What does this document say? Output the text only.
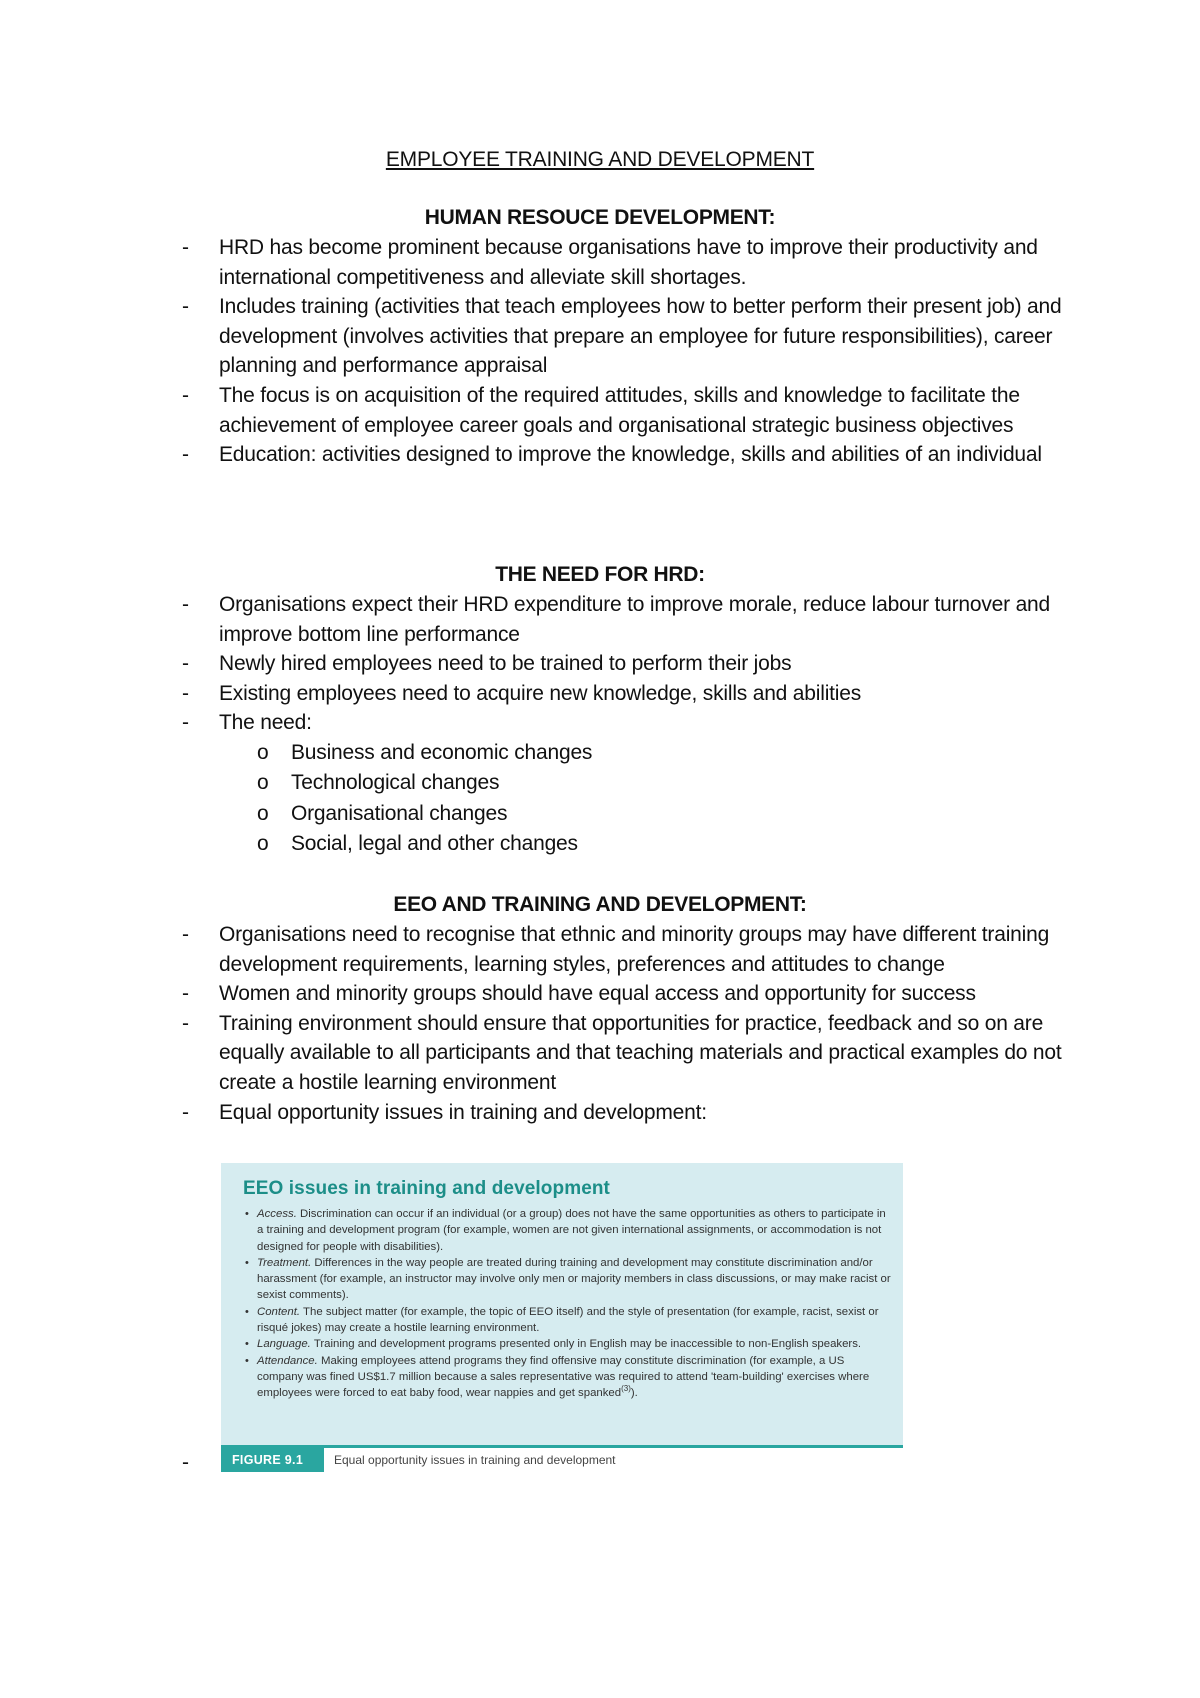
EMPLOYEE TRAINING AND DEVELOPMENT
HUMAN RESOUCE DEVELOPMENT:
- HRD has become prominent because organisations have to improve their productivity and international competitiveness and alleviate skill shortages.
- Includes training (activities that teach employees how to better perform their present job) and development (involves activities that prepare an employee for future responsibilities), career planning and performance appraisal
- The focus is on acquisition of the required attitudes, skills and knowledge to facilitate the achievement of employee career goals and organisational strategic business objectives
- Education: activities designed to improve the knowledge, skills and abilities of an individual
THE NEED FOR HRD:
- Organisations expect their HRD expenditure to improve morale, reduce labour turnover and improve bottom line performance
- Newly hired employees need to be trained to perform their jobs
- Existing employees need to acquire new knowledge, skills and abilities
- The need:
o Business and economic changes
o Technological changes
o Organisational changes
o Social, legal and other changes
EEO AND TRAINING AND DEVELOPMENT:
- Organisations need to recognise that ethnic and minority groups may have different training development requirements, learning styles, preferences and attitudes to change
- Women and minority groups should have equal access and opportunity for success
- Training environment should ensure that opportunities for practice, feedback and so on are equally available to all participants and that teaching materials and practical examples do not create a hostile learning environment
- Equal opportunity issues in training and development:
EEO issues in training and development
• Access. Discrimination can occur if an individual (or a group) does not have the same opportunities as others to participate in a training and development program (for example, women are not given international assignments, or accommodation is not designed for people with disabilities).
• Treatment. Differences in the way people are treated during training and development may constitute discrimination and/or harassment (for example, an instructor may involve only men or majority members in class discussions, or may make racist or sexist comments).
• Content. The subject matter (for example, the topic of EEO itself) and the style of presentation (for example, racist, sexist or risqué jokes) may create a hostile learning environment.
• Language. Training and development programs presented only in English may be inaccessible to non-English speakers.
• Attendance. Making employees attend programs they find offensive may constitute discrimination (for example, a US company was fined US$1.7 million because a sales representative was required to attend 'team-building' exercises where employees were forced to eat baby food, wear nappies and get spanked$^{(3)}$).
FIGURE 9.1	Equal opportunity issues in training and development
-
